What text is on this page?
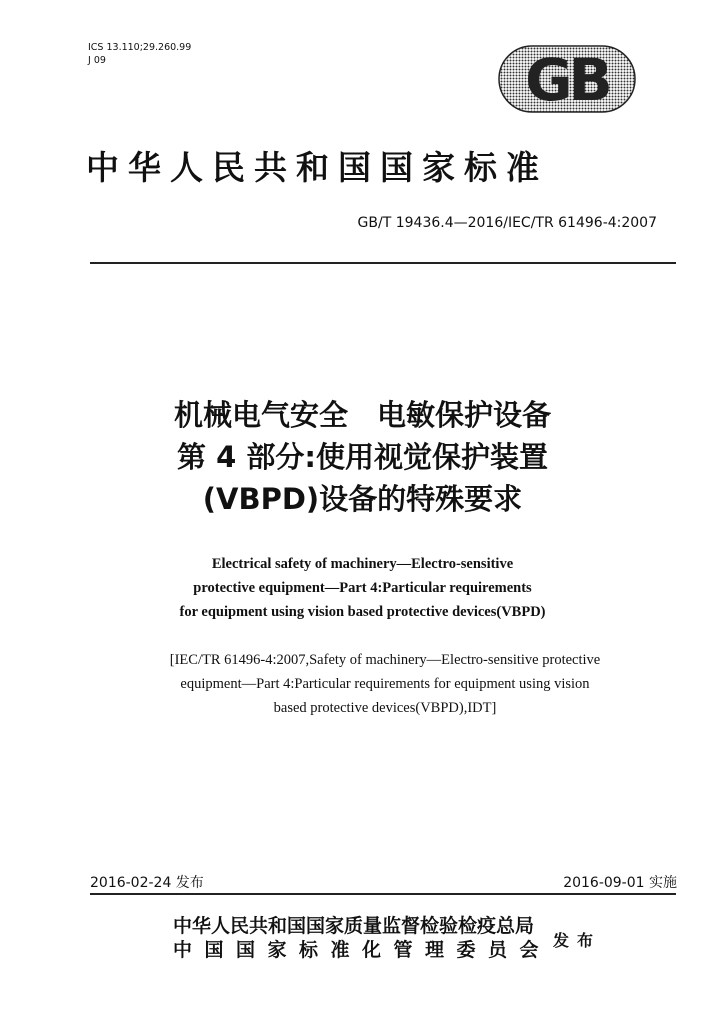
ICS 13.110;29.260.99
J 09	GB
中华人民共和国国家标准
GB/T 19436.4—2016/IEC/TR 61496-4:2007
机械电气安全　电敏保护设备
第 4 部分:使用视觉保护装置
(VBPD)设备的特殊要求
Electrical safety of machinery—Electro-sensitive
protective equipment—Part 4:Particular requirements
for equipment using vision based protective devices(VBPD)
[IEC/TR 61496-4:2007,Safety of machinery—Electro-sensitive protective
equipment—Part 4:Particular requirements for equipment using vision
based protective devices(VBPD),IDT]
2016-02-24 发布	2016-09-01 实施
中华人民共和国国家质量监督检验检疫总局
中国国家标准化管理委员会 发布
